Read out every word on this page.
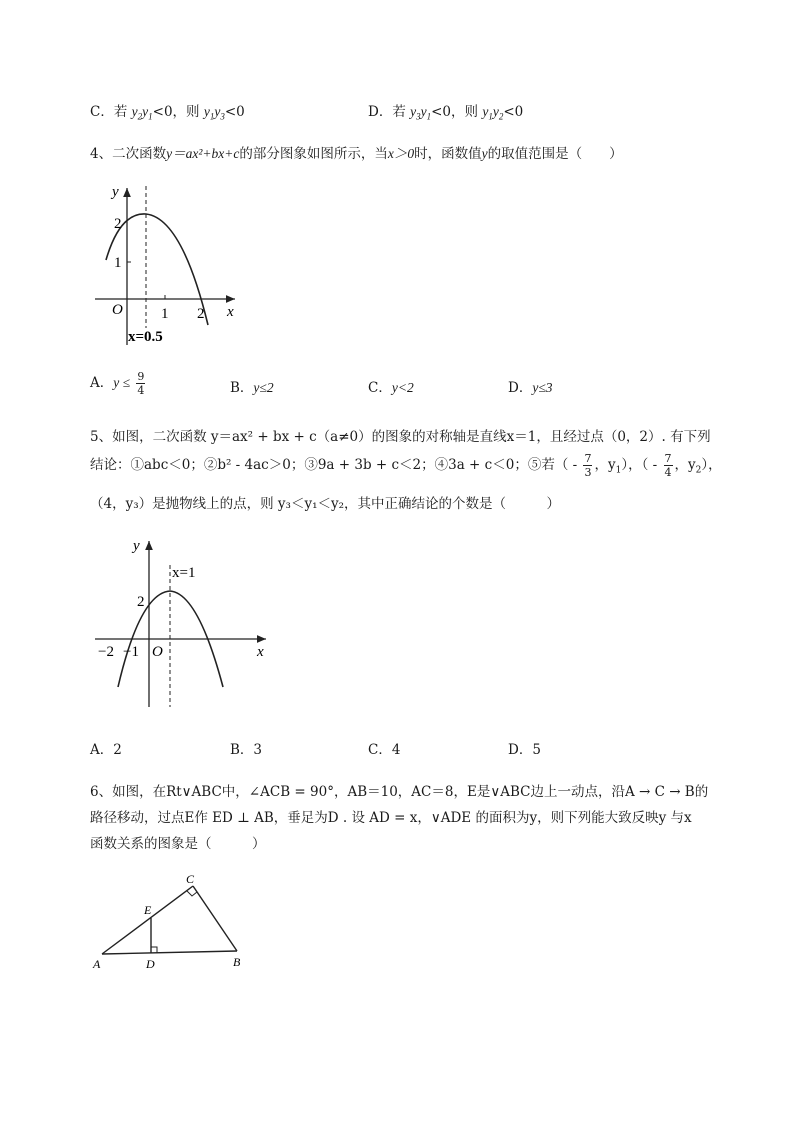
C．若 $y_2y_1<0$，则 $y_1y_3<0$	D．若 $y_3y_1<0$，则 $y_1y_2<0$
4、二次函数y＝ax²+bx+c的部分图象如图所示，当x＞0时，函数值y的取值范围是（　　）
y
x
O
2
1
1 2
x=0.5
A．$y \le \frac{9}{4}$	B．y≤2	C．y<2	D．y≤3
5、如图，二次函数 y＝ax² + bx + c（a≠0）的图象的对称轴是直线x＝1，且经过点（0，2）. 有下列
结论：①abc＜0；②b² - 4ac＞0；③9a + 3b + c＜2；④3a + c＜0；⑤若（ - $\frac{7}{3}$ ，$y_1$），（ - $\frac{7}{4}$ ，$y_2$），
（4，y₃）是抛物线上的点，则 y₃＜y₁＜y₂，其中正确结论的个数是（　　　）
y
x
O
x=1
2
−2 −1
A．2	B．3	C．4	D．5
6、如图，在Rt∨ABC中，∠ACB = 90°，AB＝10，AC＝8，E是∨ABC边上一动点，沿A → C → B的
路径移动，过点E作 ED ⊥ AB，垂足为D . 设 AD = x，∨ADE 的面积为y，则下列能大致反映y 与x
函数关系的图象是（　　　）
C
E
A	D	B
